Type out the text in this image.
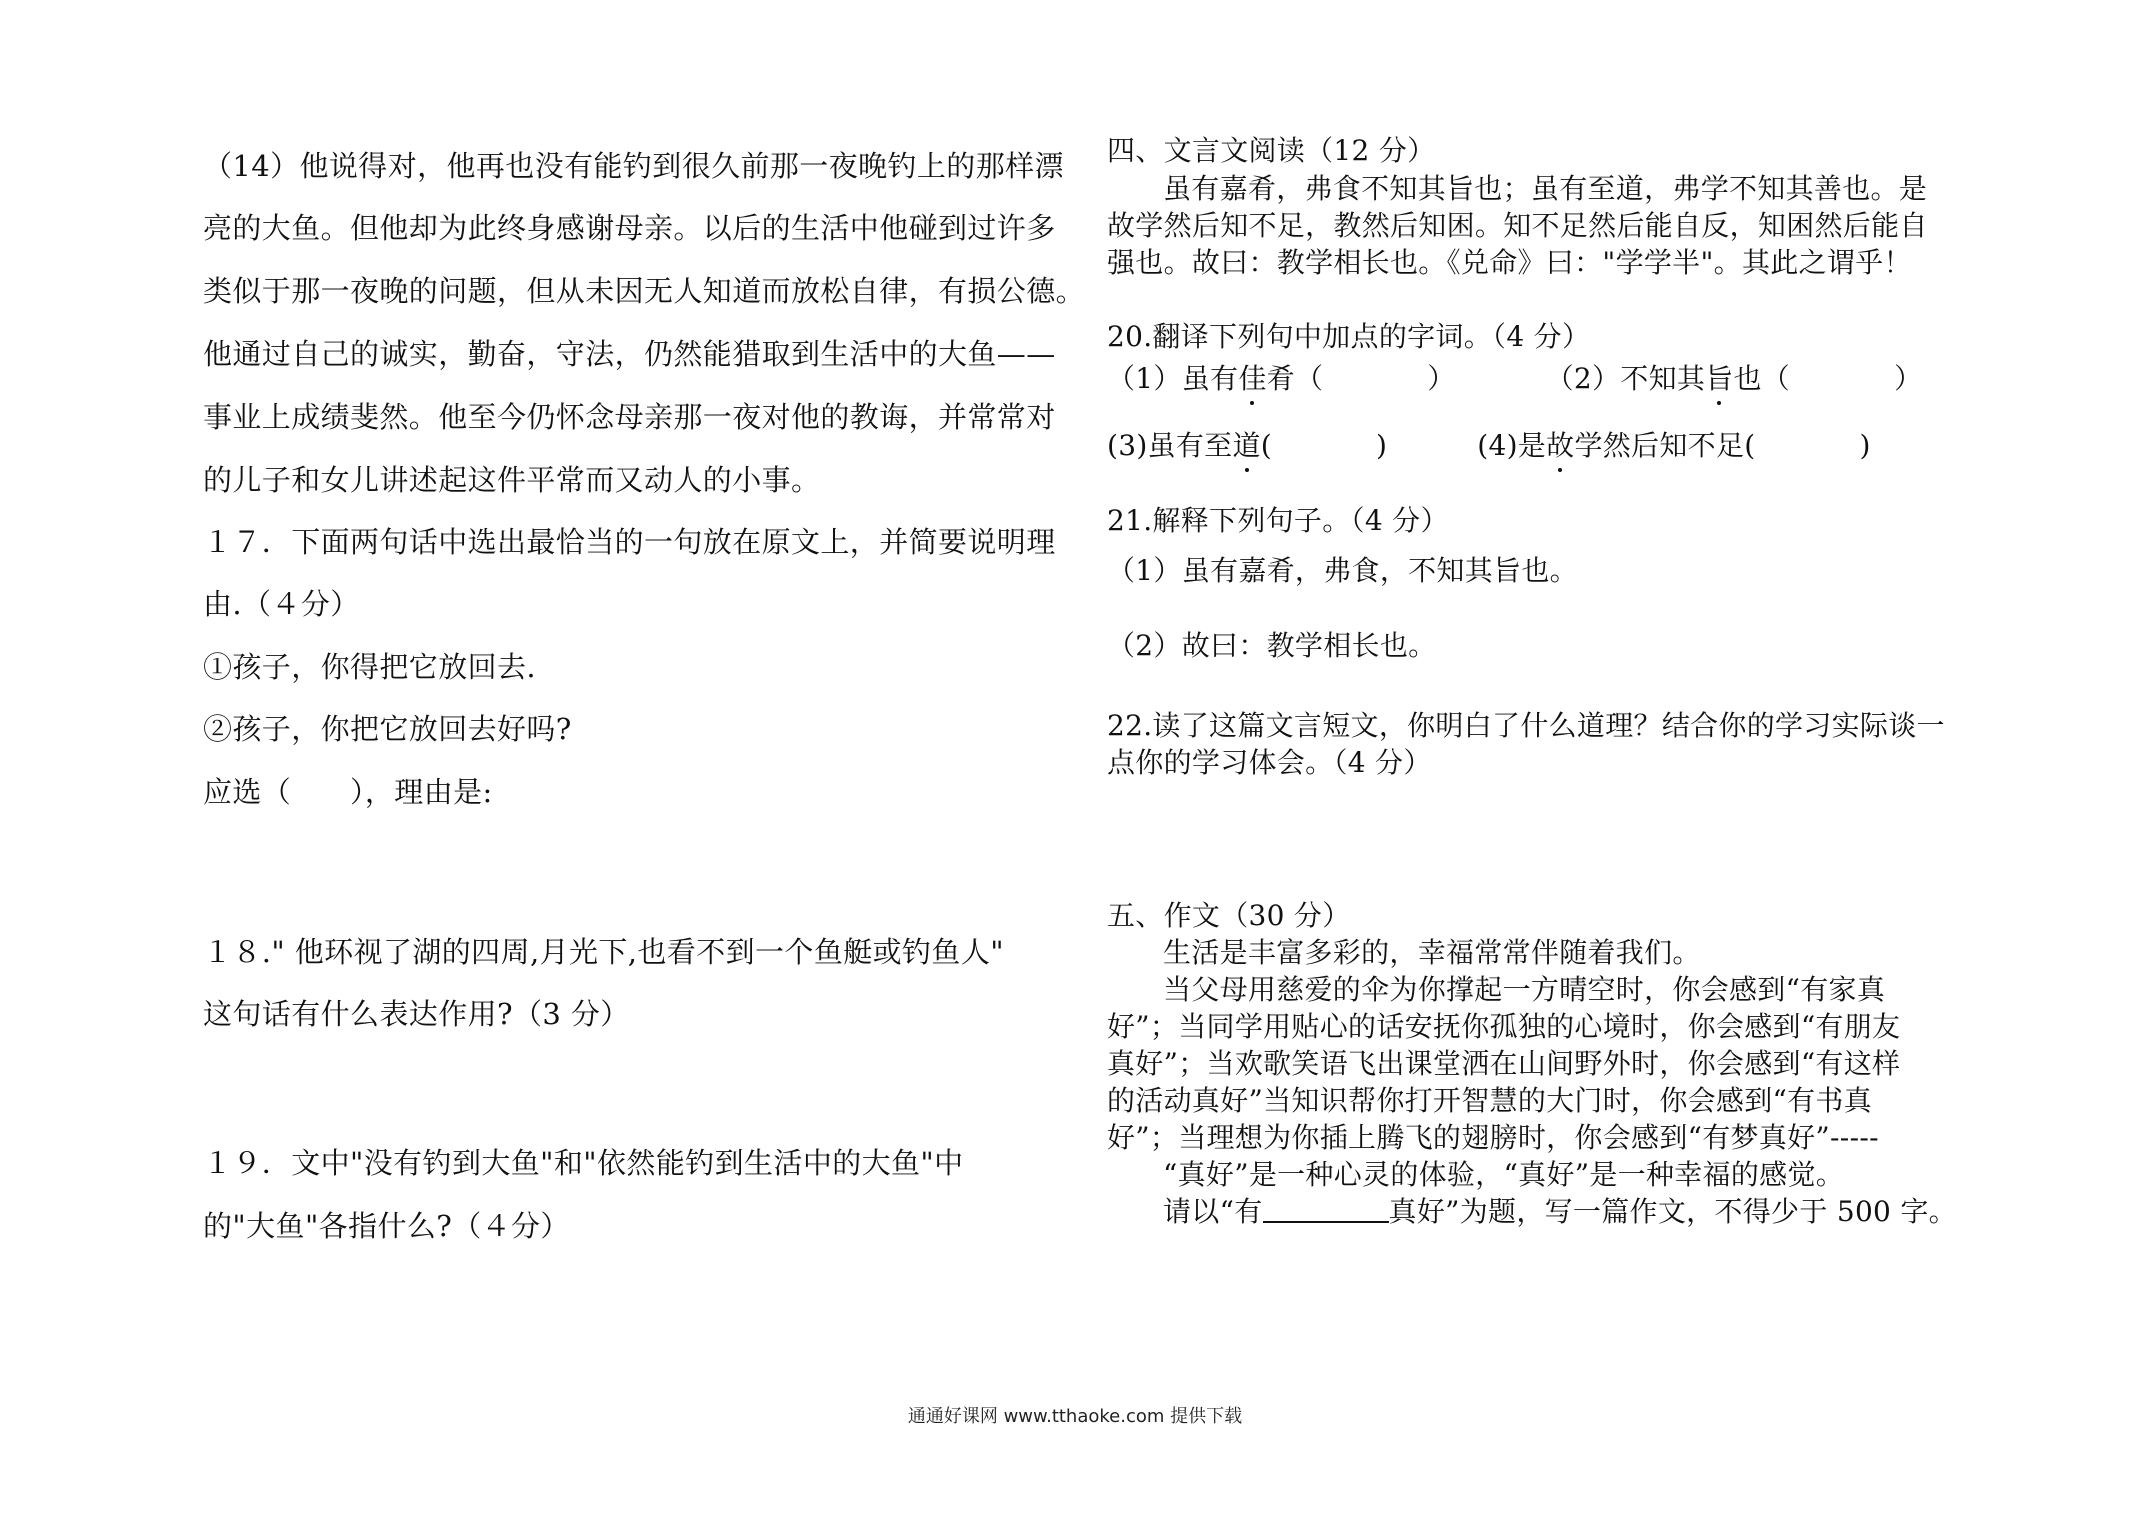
（14）他说得对，他再也没有能钓到很久前那一夜晚钓上的那样漂
亮的大鱼。但他却为此终身感谢母亲。以后的生活中他碰到过许多
类似于那一夜晚的问题，但从未因无人知道而放松自律，有损公德。
他通过自己的诚实，勤奋，守法，仍然能猎取到生活中的大鱼——
事业上成绩斐然。他至今仍怀念母亲那一夜对他的教诲，并常常对
的儿子和女儿讲述起这件平常而又动人的小事。
１７．下面两句话中选出最恰当的一句放在原文上，并简要说明理
由.（４分）
①孩子，你得把它放回去.
②孩子，你把它放回去好吗?
应选（　　），理由是:
１８." 他环视了湖的四周,月光下,也看不到一个鱼艇或钓鱼人"
这句话有什么表达作用?（3 分）
１９．文中"没有钓到大鱼"和"依然能钓到生活中的大鱼"中
的"大鱼"各指什么?（４分）
四、文言文阅读（12 分）
虽有嘉肴，弗食不知其旨也；虽有至道，弗学不知其善也。是
故学然后知不足，教然后知困。知不足然后能自反，知困然后能自
强也。故曰：教学相长也。《兑命》曰："学学半"。其此之谓乎！
20.翻译下列句中加点的字词。（4 分）
（1）虽有佳肴（	）	（2）不知其旨也（	）
(3)虽有至道(	)	(4)是故学然后知不足(	)
21.解释下列句子。（4 分）
（1）虽有嘉肴，弗食，不知其旨也。
（2）故曰：教学相长也。
22.读了这篇文言短文，你明白了什么道理？结合你的学习实际谈一
点你的学习体会。（4 分）
五、作文（30 分）
生活是丰富多彩的，幸福常常伴随着我们。
当父母用慈爱的伞为你撑起一方晴空时，你会感到“有家真
好”；当同学用贴心的话安抚你孤独的心境时，你会感到“有朋友
真好”；当欢歌笑语飞出课堂洒在山间野外时，你会感到“有这样
的活动真好”当知识帮你打开智慧的大门时，你会感到“有书真
好”；当理想为你插上腾飞的翅膀时，你会感到“有梦真好”-----
“真好”是一种心灵的体验，“真好”是一种幸福的感觉。
请以“有	真好”为题，写一篇作文，不得少于 500 字。
通通好课网 www.tthaoke.com 提供下载
